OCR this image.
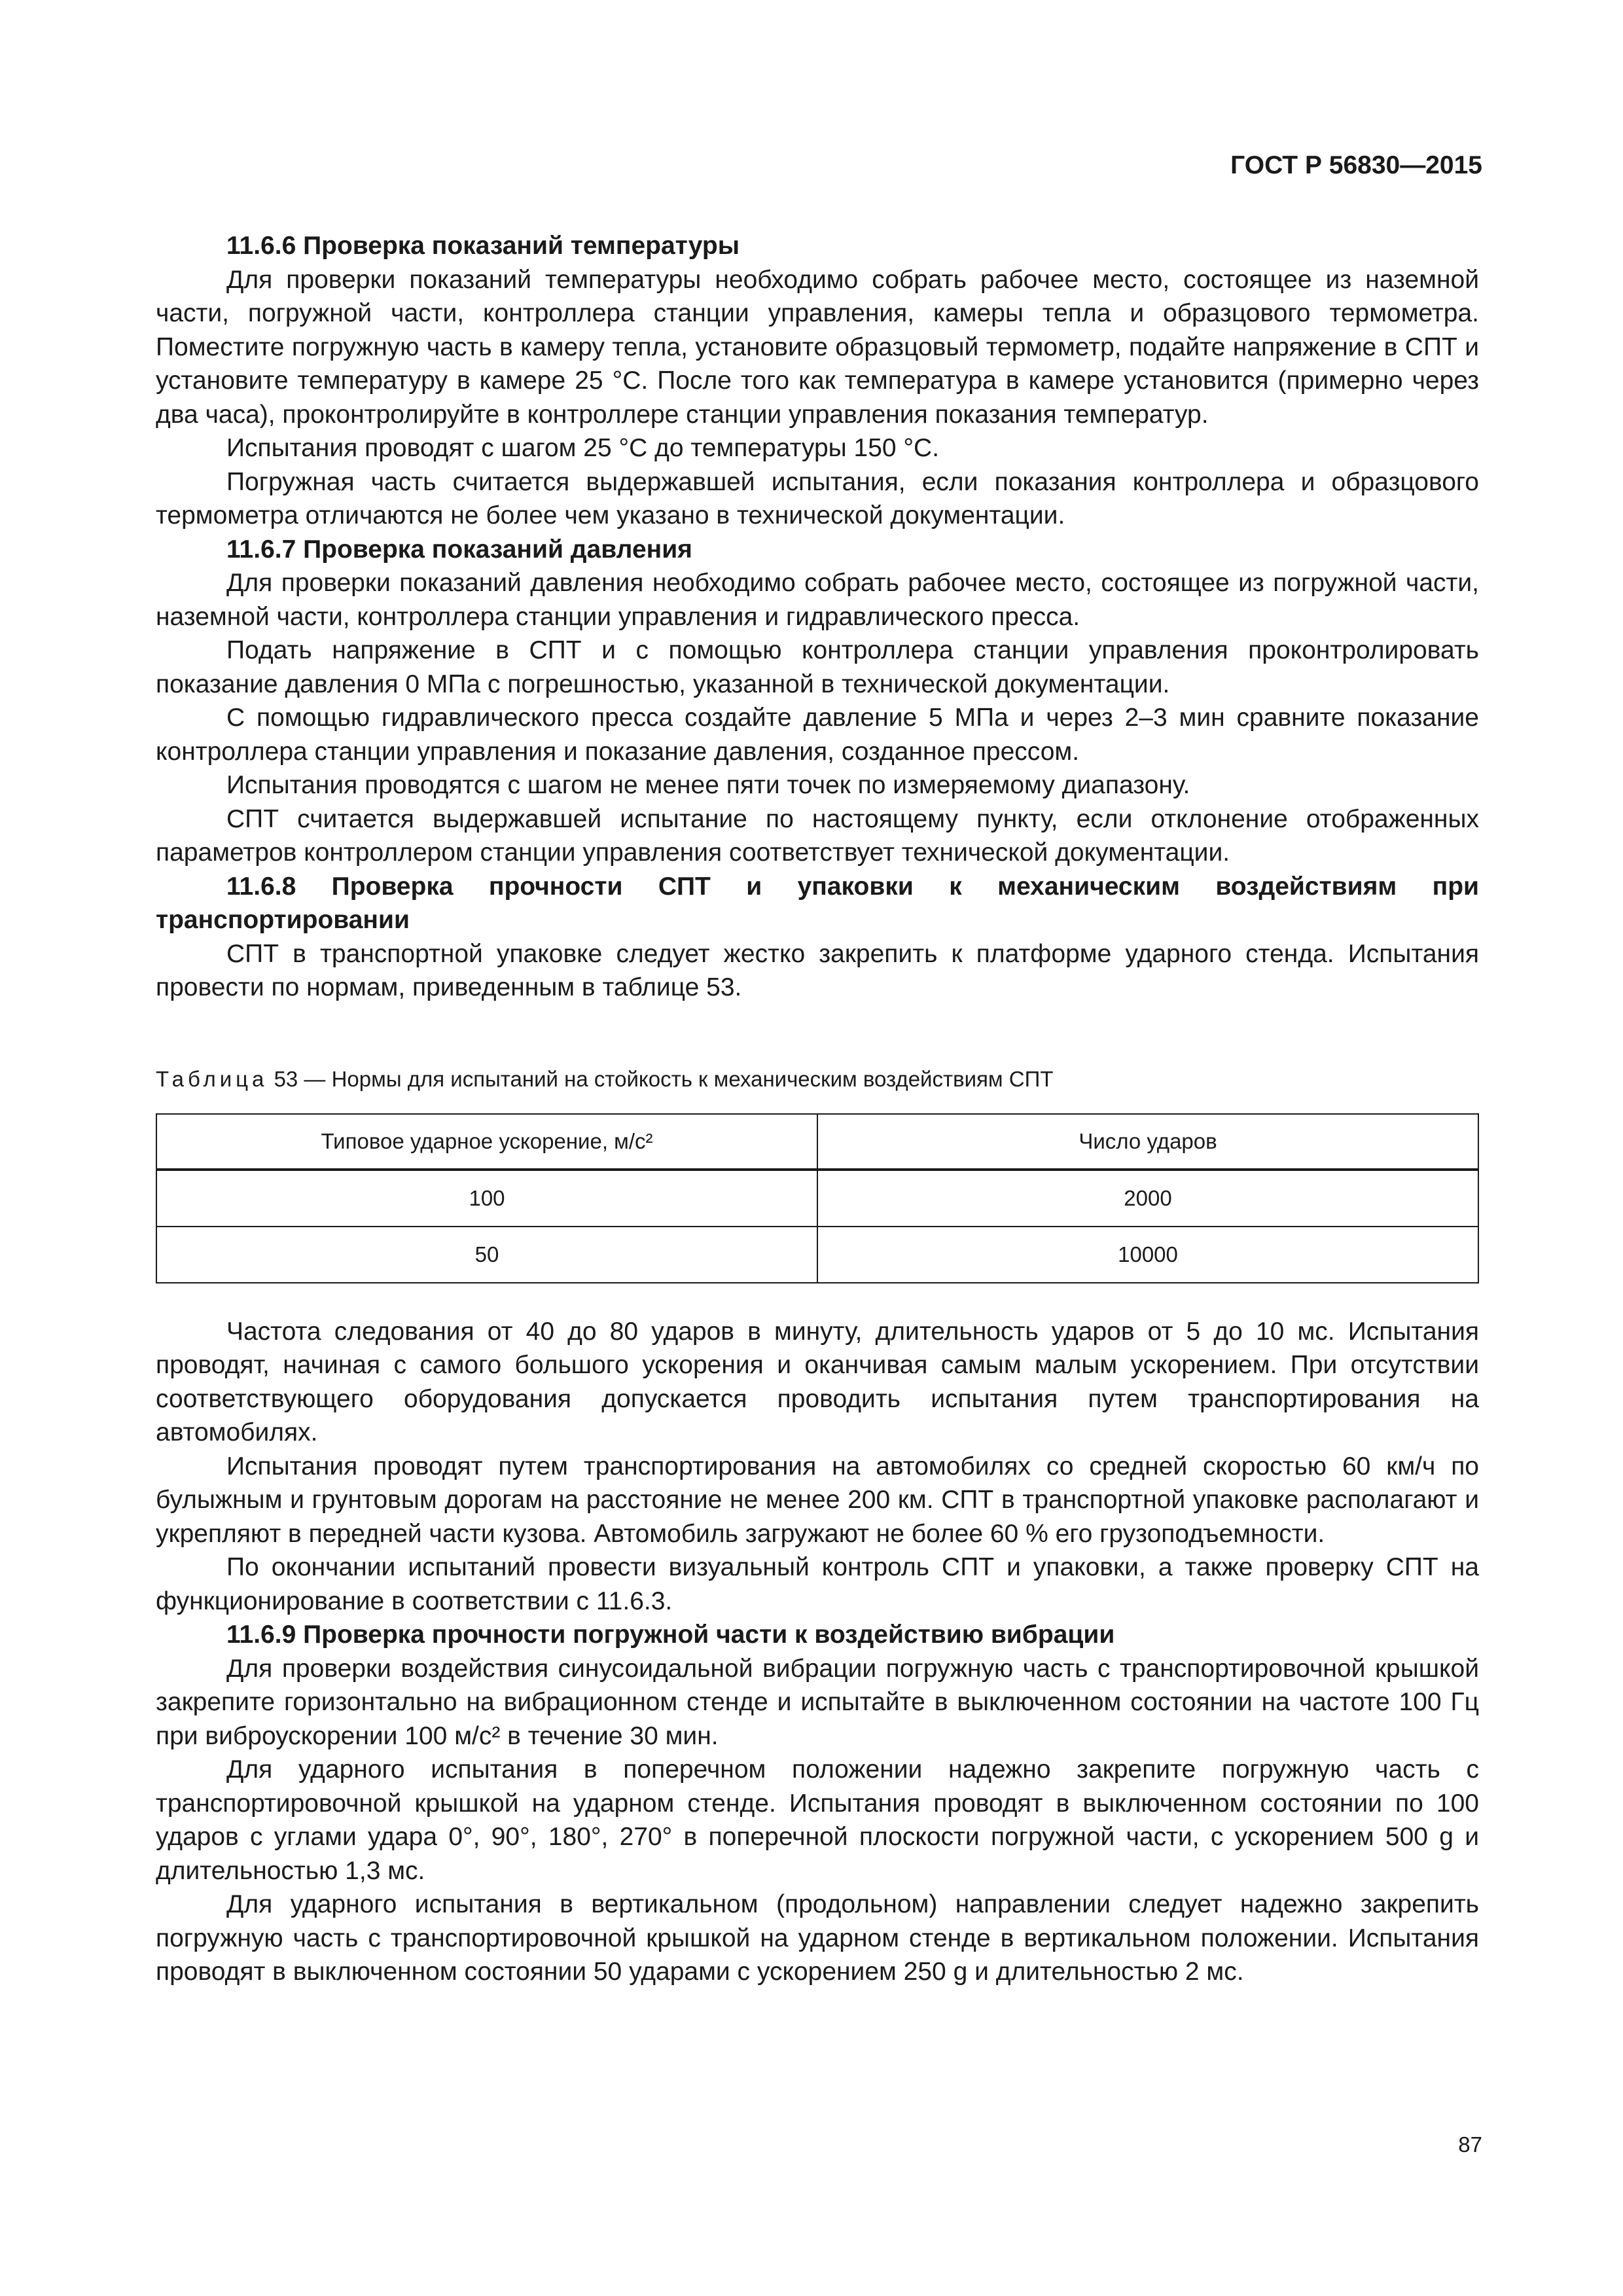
ГОСТ Р 56830—2015

11.6.6 Проверка показаний температуры

Для проверки показаний температуры необходимо собрать рабочее место, состоящее из наземной части, погружной части, контроллера станции управления, камеры тепла и образцового термометра. Поместите погружную часть в камеру тепла, установите образцовый термометр, подайте напряжение в СПТ и установите температуру в камере 25 °С. После того как температура в камере установится (примерно через два часа), проконтролируйте в контроллере станции управления показания температур.

Испытания проводят с шагом 25 °С до температуры 150 °С.

Погружная часть считается выдержавшей испытания, если показания контроллера и образцового термометра отличаются не более чем указано в технической документации.

11.6.7 Проверка показаний давления

Для проверки показаний давления необходимо собрать рабочее место, состоящее из погружной части, наземной части, контроллера станции управления и гидравлического пресса.

Подать напряжение в СПТ и с помощью контроллера станции управления проконтролировать показание давления 0 МПа с погрешностью, указанной в технической документации.

С помощью гидравлического пресса создайте давление 5 МПа и через 2–3 мин сравните показание контроллера станции управления и показание давления, созданное прессом.

Испытания проводятся с шагом не менее пяти точек по измеряемому диапазону.

СПТ считается выдержавшей испытание по настоящему пункту, если отклонение отображенных параметров контроллером станции управления соответствует технической документации.

11.6.8 Проверка прочности СПТ и упаковки к механическим воздействиям при транспортировании

СПТ в транспортной упаковке следует жестко закрепить к платформе ударного стенда. Испытания провести по нормам, приведенным в таблице 53.

Таблица 53 — Нормы для испытаний на стойкость к механическим воздействиям СПТ
Типовое ударное ускорение, м/с²	Число ударов
100	2000
50	10000

Частота следования от 40 до 80 ударов в минуту, длительность ударов от 5 до 10 мс. Испытания проводят, начиная с самого большого ускорения и оканчивая самым малым ускорением. При отсутствии соответствующего оборудования допускается проводить испытания путем транспортирования на автомобилях.

Испытания проводят путем транспортирования на автомобилях со средней скоростью 60 км/ч по булыжным и грунтовым дорогам на расстояние не менее 200 км. СПТ в транспортной упаковке располагают и укрепляют в передней части кузова. Автомобиль загружают не более 60 % его грузоподъемности.

По окончании испытаний провести визуальный контроль СПТ и упаковки, а также проверку СПТ на функционирование в соответствии с 11.6.3.

11.6.9 Проверка прочности погружной части к воздействию вибрации

Для проверки воздействия синусоидальной вибрации погружную часть с транспортировочной крышкой закрепите горизонтально на вибрационном стенде и испытайте в выключенном состоянии на частоте 100 Гц при виброускорении 100 м/с² в течение 30 мин.

Для ударного испытания в поперечном положении надежно закрепите погружную часть с транспортировочной крышкой на ударном стенде. Испытания проводят в выключенном состоянии по 100 ударов с углами удара 0°, 90°, 180°, 270° в поперечной плоскости погружной части, с ускорением 500 g и длительностью 1,3 мс.

Для ударного испытания в вертикальном (продольном) направлении следует надежно закрепить погружную часть с транспортировочной крышкой на ударном стенде в вертикальном положении. Испытания проводят в выключенном состоянии 50 ударами с ускорением 250 g и длительностью 2 мс.

87
